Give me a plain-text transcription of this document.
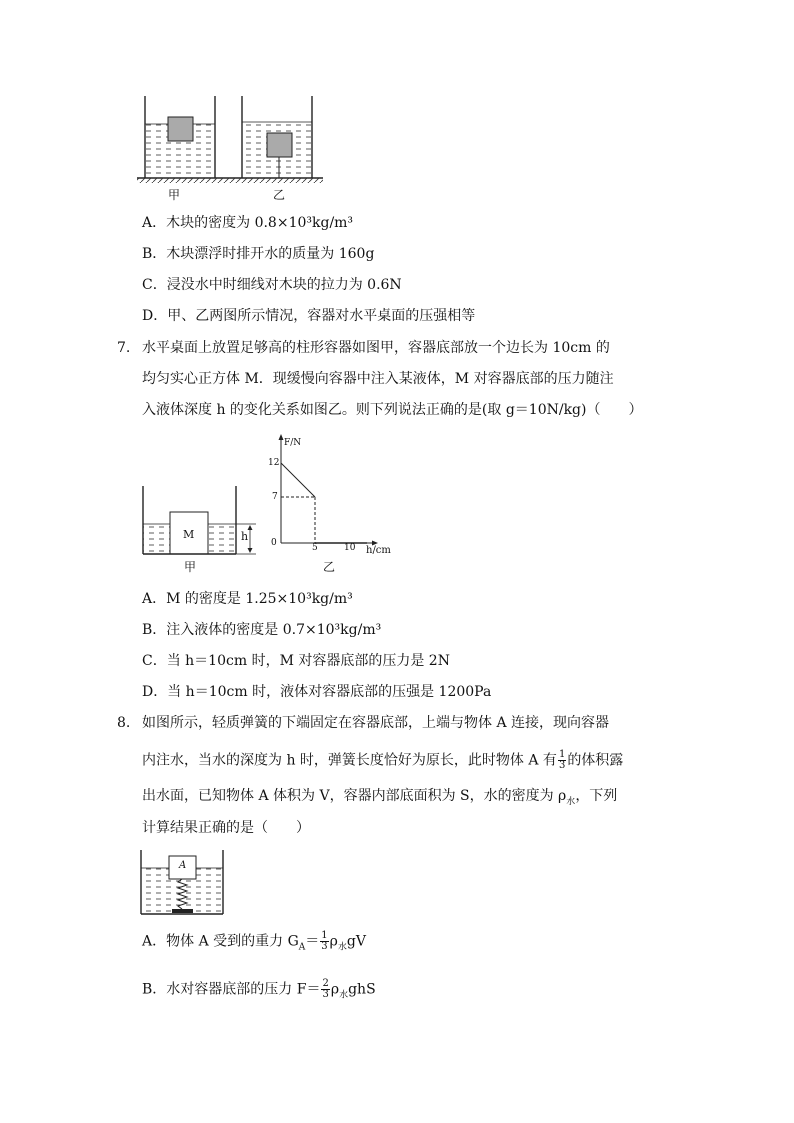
甲	乙
A．木块的密度为 0.8×10³kg/m³
B．木块漂浮时排开水的质量为 160g
C．浸没水中时细线对木块的拉力为 0.6N
D．甲、乙两图所示情况，容器对水平桌面的压强相等
7. 水平桌面上放置足够高的柱形容器如图甲，容器底部放一个边长为 10cm 的
均匀实心正方体 M．现缓慢向容器中注入某液体，M 对容器底部的压力随注
入液体深度 h 的变化关系如图乙。则下列说法正确的是(取 g＝10N/kg)（　　）
M	h
甲
F/N
12
7
0	5	10 h/cm
乙
A．M 的密度是 1.25×10³kg/m³
B．注入液体的密度是 0.7×10³kg/m³
C．当 h＝10cm 时，M 对容器底部的压力是 2N
D．当 h＝10cm 时，液体对容器底部的压强是 1200Pa
8. 如图所示，轻质弹簧的下端固定在容器底部，上端与物体 A 连接，现向容器
内注水，当水的深度为 h 时，弹簧长度恰好为原长，此时物体 A 有 $\frac{1}{3}$ 的体积露
出水面，已知物体 A 体积为 V，容器内部底面积为 S，水的密度为 $\rho_水$，下列
计算结果正确的是（　　）
A
A．物体 A 受到的重力 $G_A= \frac{1}{3} \rho_水gV$
B．水对容器底部的压力 $F= \frac{2}{3} \rho_水ghS$
